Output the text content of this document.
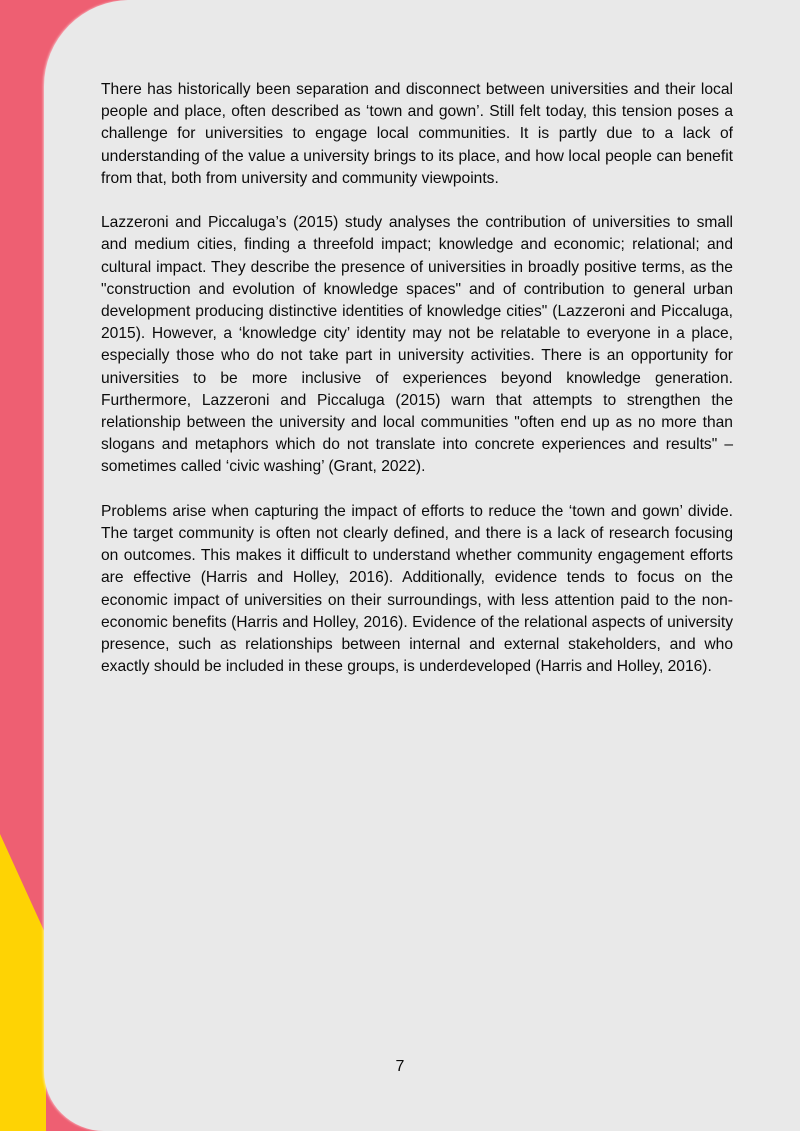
There has historically been separation and disconnect between universities and their local people and place, often described as ‘town and gown’. Still felt today, this tension poses a challenge for universities to engage local communities. It is partly due to a lack of understanding of the value a university brings to its place, and how local people can benefit from that, both from university and community viewpoints.

Lazzeroni and Piccaluga’s (2015) study analyses the contribution of universities to small and medium cities, finding a threefold impact; knowledge and economic; relational; and cultural impact. They describe the presence of universities in broadly positive terms, as the "construction and evolution of knowledge spaces" and of contribution to general urban development producing distinctive identities of knowledge cities" (Lazzeroni and Piccaluga, 2015). However, a ‘knowledge city’ identity may not be relatable to everyone in a place, especially those who do not take part in university activities. There is an opportunity for universities to be more inclusive of experiences beyond knowledge generation. Furthermore, Lazzeroni and Piccaluga (2015) warn that attempts to strengthen the relationship between the university and local communities "often end up as no more than slogans and metaphors which do not translate into concrete experiences and results" – sometimes called ‘civic washing’ (Grant, 2022).

Problems arise when capturing the impact of efforts to reduce the ‘town and gown’ divide. The target community is often not clearly defined, and there is a lack of research focusing on outcomes. This makes it difficult to understand whether community engagement efforts are effective (Harris and Holley, 2016). Additionally, evidence tends to focus on the economic impact of universities on their surroundings, with less attention paid to the non-economic benefits (Harris and Holley, 2016). Evidence of the relational aspects of university presence, such as relationships between internal and external stakeholders, and who exactly should be included in these groups, is underdeveloped (Harris and Holley, 2016).

7
